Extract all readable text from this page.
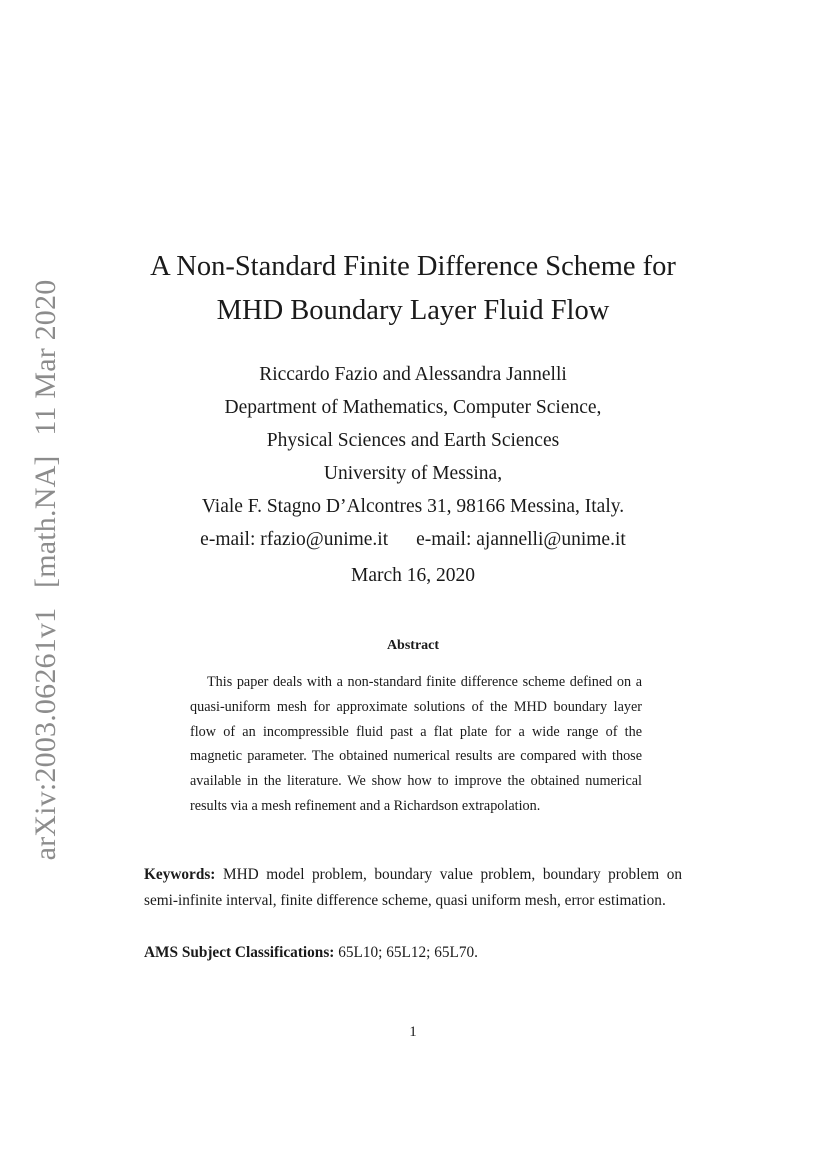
arXiv:2003.06261v1 [math.NA] 11 Mar 2020
A Non-Standard Finite Difference Scheme for
MHD Boundary Layer Fluid Flow
Riccardo Fazio and Alessandra Jannelli
Department of Mathematics, Computer Science,
Physical Sciences and Earth Sciences
University of Messina,
Viale F. Stagno D’Alcontres 31, 98166 Messina, Italy.
e-mail: rfazio@unime.it e-mail: ajannelli@unime.it
March 16, 2020
Abstract

This paper deals with a non-standard finite difference scheme defined on a quasi-uniform mesh for approximate solutions of the MHD boundary layer flow of an incompressible fluid past a flat plate for a wide range of the magnetic parameter. The obtained numerical results are compared with those available in the literature. We show how to improve the obtained numerical results via a mesh refinement and a Richardson extrapolation.

Keywords: MHD model problem, boundary value problem, boundary problem on semi-infinite interval, finite difference scheme, quasi uniform mesh, error estimation.

AMS Subject Classifications: 65L10; 65L12; 65L70.

1
